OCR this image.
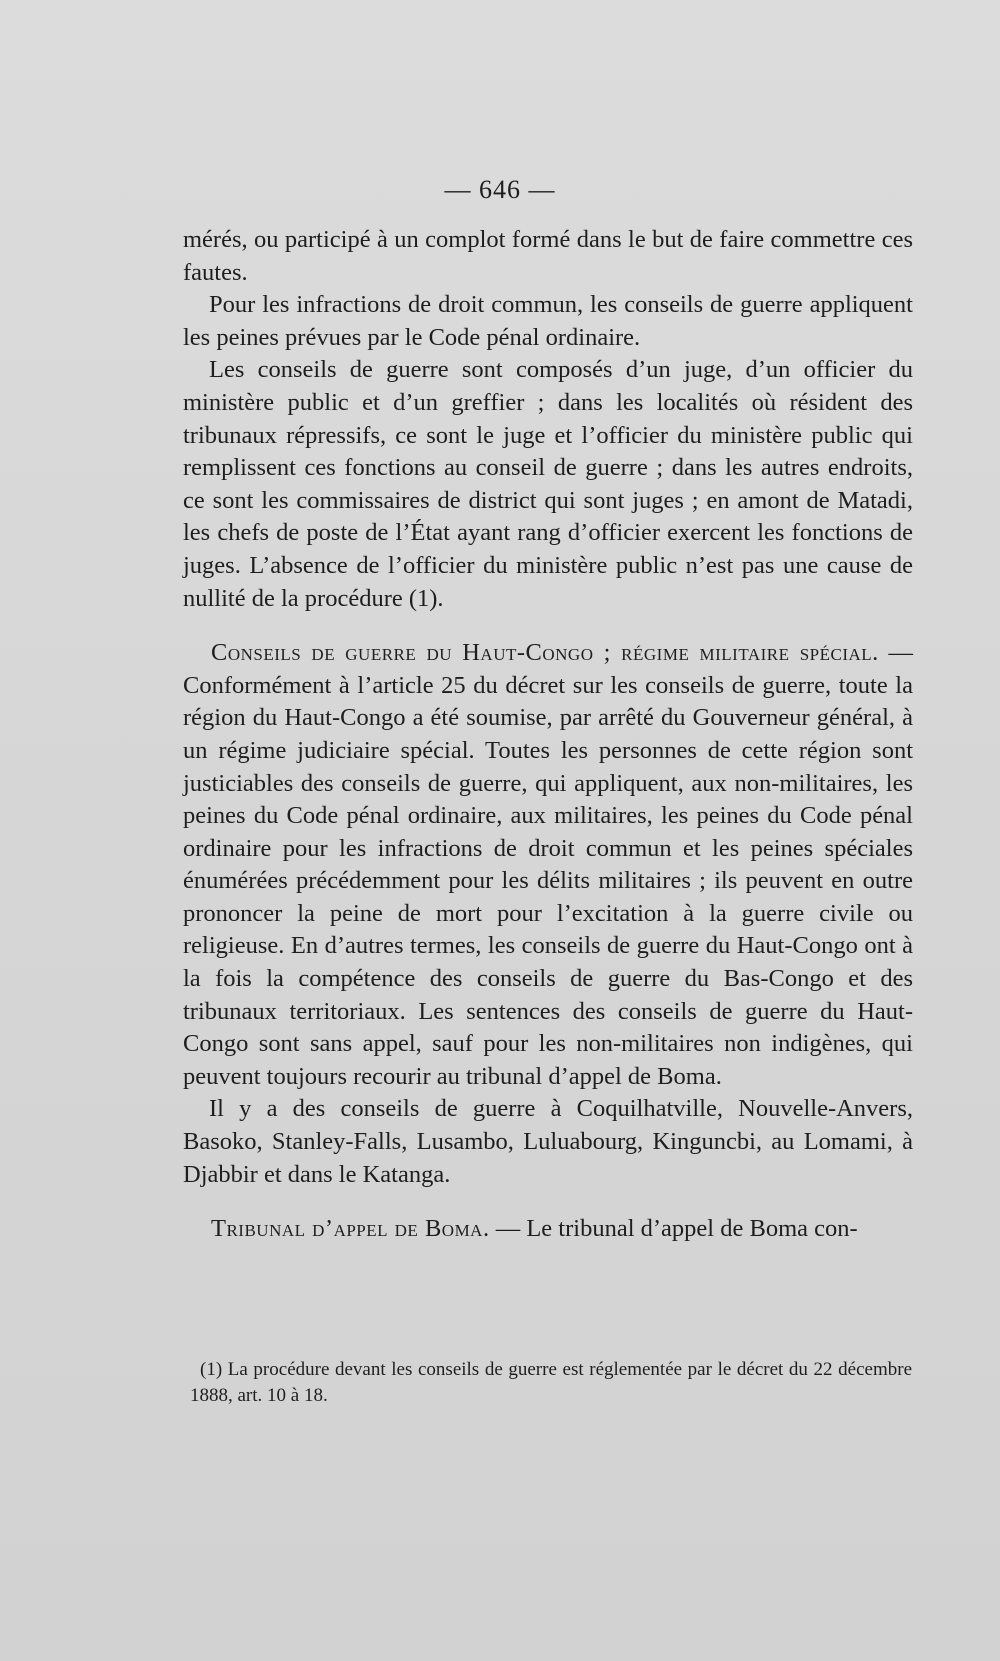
— 646 —

mérés, ou participé à un complot formé dans le but de faire commettre ces fautes.

Pour les infractions de droit commun, les conseils de guerre appliquent les peines prévues par le Code pénal ordinaire.

Les conseils de guerre sont composés d’un juge, d’un officier du ministère public et d’un greffier ; dans les localités où résident des tribunaux répressifs, ce sont le juge et l’officier du ministère public qui remplissent ces fonctions au conseil de guerre ; dans les autres endroits, ce sont les commissaires de district qui sont juges ; en amont de Matadi, les chefs de poste de l’État ayant rang d’officier exercent les fonctions de juges. L’absence de l’officier du ministère public n’est pas une cause de nullité de la procédure (1).

Conseils de guerre du Haut-Congo ; régime militaire spécial. — Conformément à l’article 25 du décret sur les conseils de guerre, toute la région du Haut-Congo a été soumise, par arrêté du Gouverneur général, à un régime judiciaire spécial. Toutes les personnes de cette région sont justiciables des conseils de guerre, qui appliquent, aux non-militaires, les peines du Code pénal ordinaire, aux militaires, les peines du Code pénal ordinaire pour les infractions de droit commun et les peines spéciales énumérées précédemment pour les délits militaires ; ils peuvent en outre prononcer la peine de mort pour l’excitation à la guerre civile ou religieuse. En d’autres termes, les conseils de guerre du Haut-Congo ont à la fois la compétence des conseils de guerre du Bas-Congo et des tribunaux territoriaux. Les sentences des conseils de guerre du Haut-Congo sont sans appel, sauf pour les non-militaires non indigènes, qui peuvent toujours recourir au tribunal d’appel de Boma.

Il y a des conseils de guerre à Coquilhatville, Nouvelle-Anvers, Basoko, Stanley-Falls, Lusambo, Luluabourg, Kinguncbi, au Lomami, à Djabbir et dans le Katanga.

Tribunal d’appel de Boma. — Le tribunal d’appel de Boma con-

(1) La procédure devant les conseils de guerre est réglementée par le décret du 22 décembre 1888, art. 10 à 18.
